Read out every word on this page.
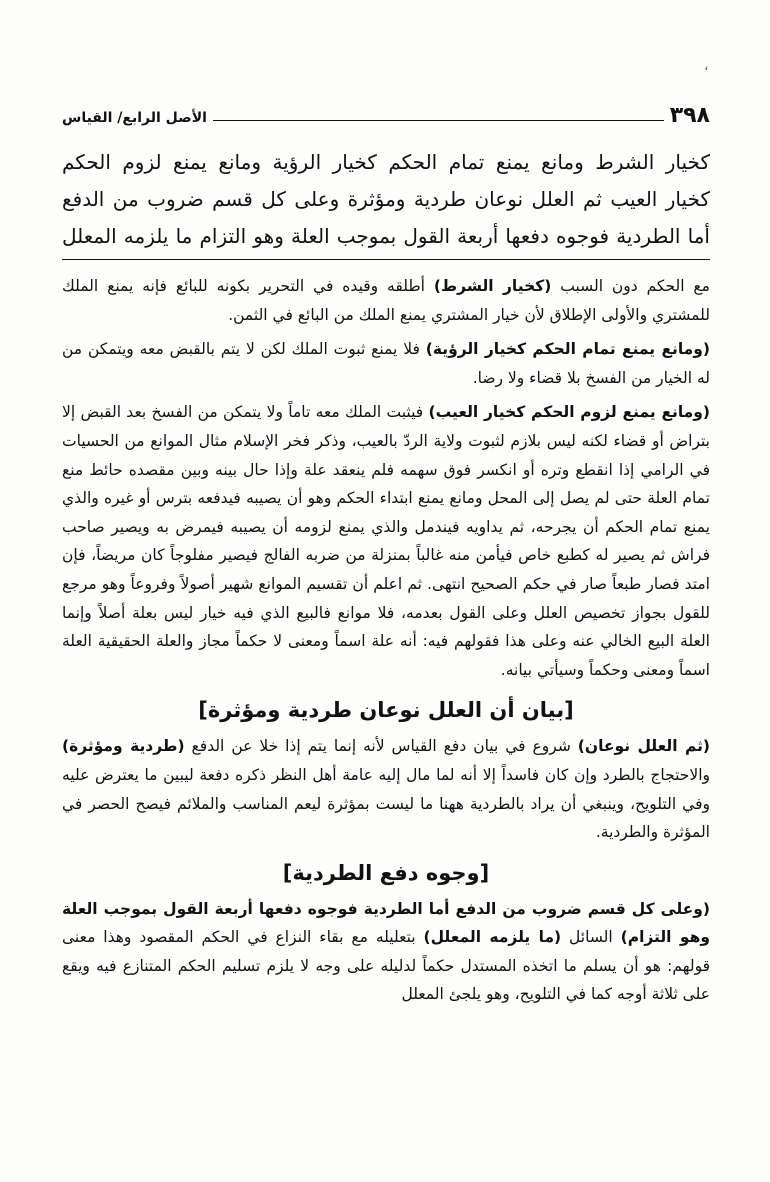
،
٣٩٨
الأصل الرابع/ القياس
كخيار الشرط ومانع يمنع تمام الحكم كخيار الرؤية ومانع يمنع لزوم الحكم
كخيار العيب ثم العلل نوعان طردية ومؤثرة وعلى كل قسم ضروب من الدفع
أما الطردية فوجوه دفعها أربعة القول بموجب العلة وهو التزام ما يلزمه المعلل

مع الحكم دون السبب (كخيار الشرط) أطلقه وقيده في التحرير بكونه للبائع فإنه يمنع الملك للمشتري والأولى الإطلاق لأن خيار المشتري يمنع الملك من البائع في الثمن.

(ومانع يمنع تمام الحكم كخيار الرؤية) فلا يمنع ثبوت الملك لكن لا يتم بالقبض معه ويتمكن من له الخيار من الفسخ بلا قضاء ولا رضا.

(ومانع يمنع لزوم الحكم كخيار العيب) فيثبت الملك معه تاماً ولا يتمكن من الفسخ بعد القبض إلا بتراض أو قضاء لكنه ليس بلازم لثبوت ولاية الردّ بالعيب، وذكر فخر الإسلام مثال الموانع من الحسيات في الرامي إذا انقطع وتره أو انكسر فوق سهمه فلم ينعقد علة وإذا حال بينه وبين مقصده حائط منع تمام العلة حتى لم يصل إلى المحل ومانع يمنع ابتداء الحكم وهو أن يصيبه فيدفعه بترس أو غيره والذي يمنع تمام الحكم أن يجرحه، ثم يداويه فيندمل والذي يمنع لزومه أن يصيبه فيمرض به ويصير صاحب فراش ثم يصير له كطبع خاص فيأمن منه غالباً بمنزلة من ضربه الفالج فيصير مفلوجاً كان مريضاً، فإن امتد فصار طبعاً صار في حكم الصحيح انتهى. ثم اعلم أن تقسيم الموانع شهير أصولاً وفروعاً وهو مرجع للقول بجواز تخصيص العلل وعلى القول بعدمه، فلا موانع فالبيع الذي فيه خيار ليس بعلة أصلاً وإنما العلة البيع الخالي عنه وعلى هذا فقولهم فيه: أنه علة اسماً ومعنى لا حكماً مجاز والعلة الحقيقية العلة اسماً ومعنى وحكماً وسيأتي بيانه.

[بيان أن العلل نوعان طردية ومؤثرة]

(ثم العلل نوعان) شروع في بيان دفع القياس لأنه إنما يتم إذا خلا عن الدفع (طردية ومؤثرة) والاحتجاج بالطرد وإن كان فاسداً إلا أنه لما مال إليه عامة أهل النظر ذكره دفعة ليبين ما يعترض عليه وفي التلويح، وينبغي أن يراد بالطردية ههنا ما ليست بمؤثرة ليعم المناسب والملائم فيصح الحصر في المؤثرة والطردية.

[وجوه دفع الطردية]

(وعلى كل قسم ضروب من الدفع أما الطردية فوجوه دفعها أربعة القول بموجب العلة وهو التزام) السائل (ما يلزمه المعلل) بتعليله مع بقاء النزاع في الحكم المقصود وهذا معنى قولهم: هو أن يسلم ما اتخذه المستدل حكماً لدليله على وجه لا يلزم تسليم الحكم المتنازع فيه ويقع على ثلاثة أوجه كما في التلويح، وهو يلجئ المعلل
